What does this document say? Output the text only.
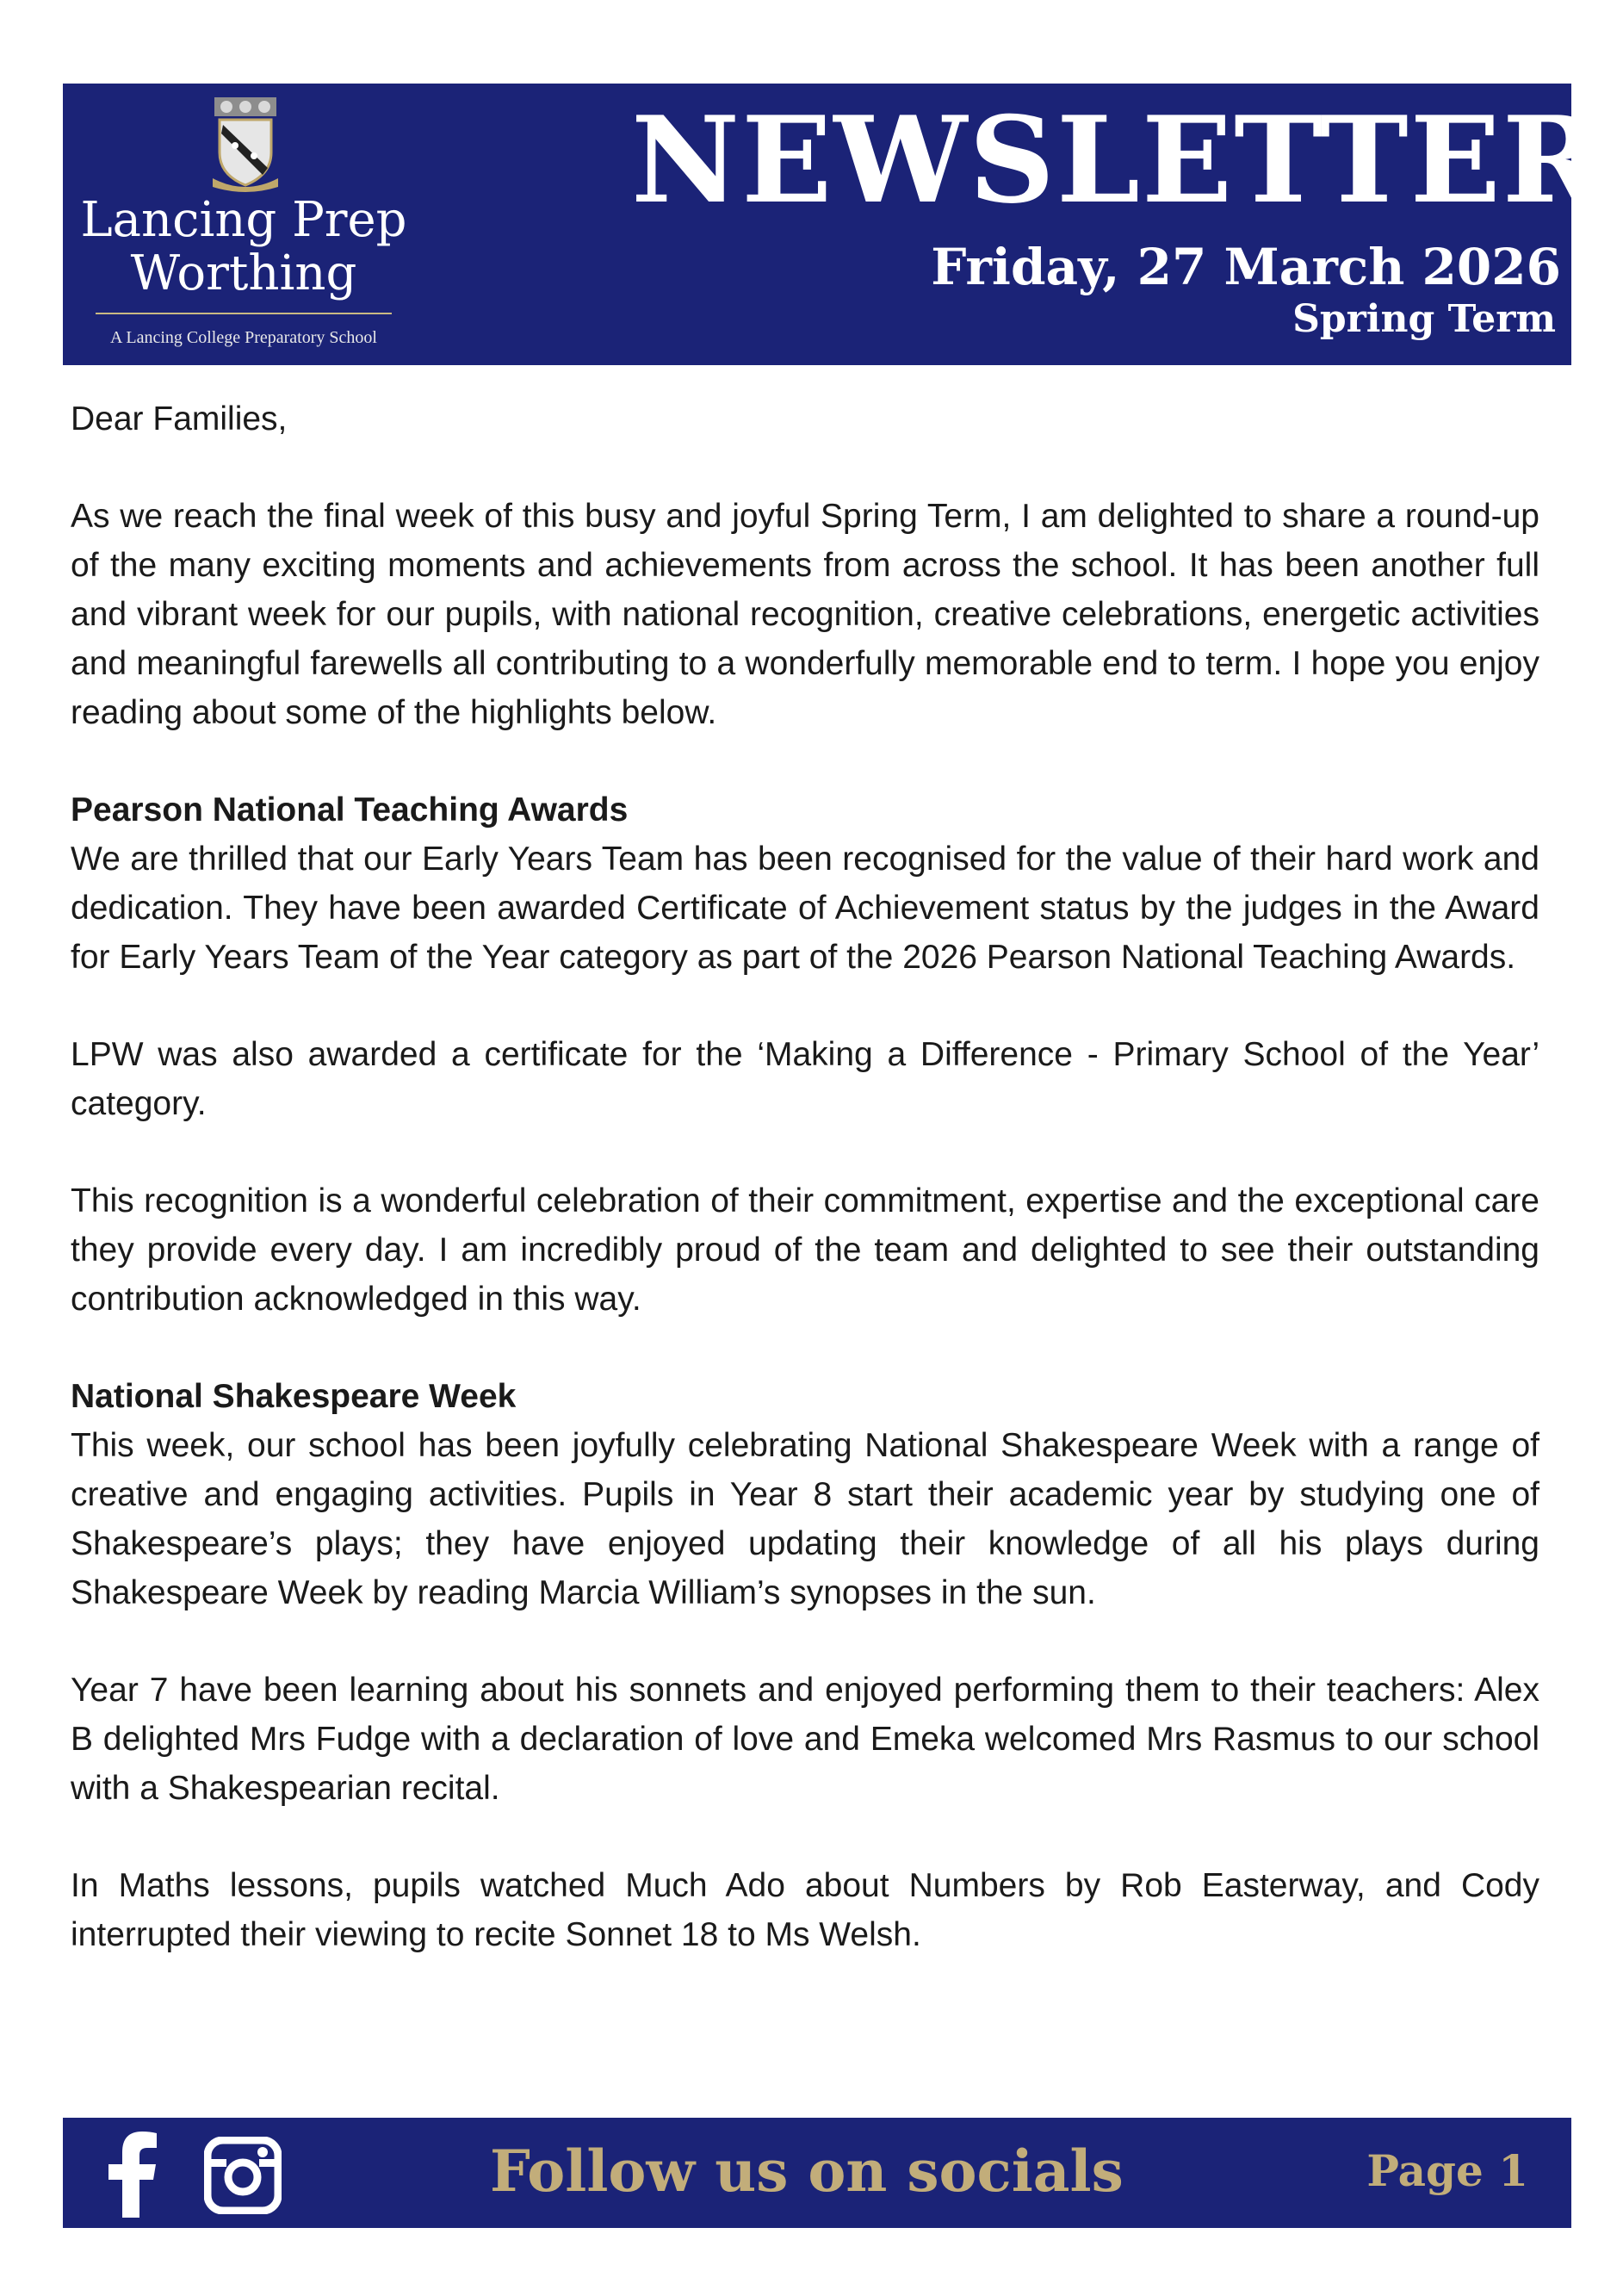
Lancing Prep
Worthing
A Lancing College Preparatory School
NEWSLETTER
Friday, 27 March 2026
Spring Term

Dear Families,

As we reach the final week of this busy and joyful Spring Term, I am delighted to share a round-up of the many exciting moments and achievements from across the school. It has been another full and vibrant week for our pupils, with national recognition, creative celebrations, energetic activities and meaningful farewells all contributing to a wonderfully memorable end to term. I hope you enjoy reading about some of the highlights below.

Pearson National Teaching Awards

We are thrilled that our Early Years Team has been recognised for the value of their hard work and dedication. They have been awarded Certificate of Achievement status by the judges in the Award for Early Years Team of the Year category as part of the 2026 Pearson National Teaching Awards.

LPW was also awarded a certificate for the ‘Making a Difference - Primary School of the Year’ category.

This recognition is a wonderful celebration of their commitment, expertise and the exceptional care they provide every day. I am incredibly proud of the team and delighted to see their outstanding contribution acknowledged in this way.

National Shakespeare Week

This week, our school has been joyfully celebrating National Shakespeare Week with a range of creative and engaging activities. Pupils in Year 8 start their academic year by studying one of Shakespeare’s plays; they have enjoyed updating their knowledge of all his plays during Shakespeare Week by reading Marcia William’s synopses in the sun.

Year 7 have been learning about his sonnets and enjoyed performing them to their teachers: Alex B delighted Mrs Fudge with a declaration of love and Emeka welcomed Mrs Rasmus to our school with a Shakespearian recital.

In Maths lessons, pupils watched Much Ado about Numbers by Rob Easterway, and Cody interrupted their viewing to recite Sonnet 18 to Ms Welsh.

Follow us on socials	Page 1
